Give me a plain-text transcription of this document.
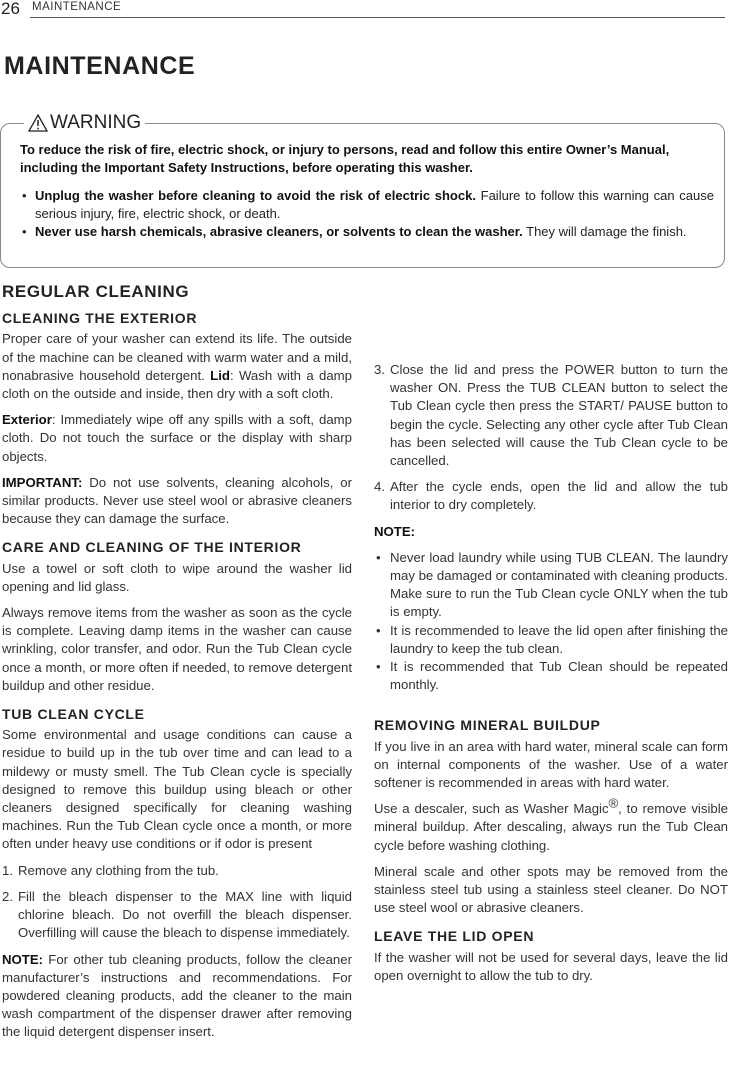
26 MAINTENANCE
MAINTENANCE
WARNING

To reduce the risk of fire, electric shock, or injury to persons, read and follow this entire Owner’s Manual, including the Important Safety Instructions, before operating this washer.

• Unplug the washer before cleaning to avoid the risk of electric shock. Failure to follow this warning can cause serious injury, fire, electric shock, or death.
• Never use harsh chemicals, abrasive cleaners, or solvents to clean the washer. They will damage the finish.
REGULAR CLEANING
CLEANING THE EXTERIOR

Proper care of your washer can extend its life. The outside of the machine can be cleaned with warm water and a mild, nonabrasive household detergent. Lid: Wash with a damp cloth on the outside and inside, then dry with a soft cloth.

Exterior: Immediately wipe off any spills with a soft, damp cloth. Do not touch the surface or the display with sharp objects.

IMPORTANT: Do not use solvents, cleaning alcohols, or similar products. Never use steel wool or abrasive cleaners because they can damage the surface.

CARE AND CLEANING OF THE INTERIOR

Use a towel or soft cloth to wipe around the washer lid opening and lid glass.

Always remove items from the washer as soon as the cycle is complete. Leaving damp items in the washer can cause wrinkling, color transfer, and odor. Run the Tub Clean cycle once a month, or more often if needed, to remove detergent buildup and other residue.

TUB CLEAN CYCLE

Some environmental and usage conditions can cause a residue to build up in the tub over time and can lead to a mildewy or musty smell. The Tub Clean cycle is specially designed to remove this buildup using bleach or other cleaners designed specifically for cleaning washing machines. Run the Tub Clean cycle once a month, or more often under heavy use conditions or if odor is present

1. Remove any clothing from the tub.
2. Fill the bleach dispenser to the MAX line with liquid chlorine bleach. Do not overfill the bleach dispenser. Overfilling will cause the bleach to dispense immediately.

NOTE: For other tub cleaning products, follow the cleaner manufacturer’s instructions and recommendations. For powdered cleaning products, add the cleaner to the main wash compartment of the dispenser drawer after removing the liquid detergent dispenser insert.

3. Close the lid and press the POWER button to turn the washer ON. Press the TUB CLEAN button to select the Tub Clean cycle then press the START/ PAUSE button to begin the cycle. Selecting any other cycle after Tub Clean has been selected will cause the Tub Clean cycle to be cancelled.
4. After the cycle ends, open the lid and allow the tub interior to dry completely.

NOTE:

• Never load laundry while using TUB CLEAN. The laundry may be damaged or contaminated with cleaning products. Make sure to run the Tub Clean cycle ONLY when the tub is empty.
• It is recommended to leave the lid open after finishing the laundry to keep the tub clean.
• It is recommended that Tub Clean should be repeated monthly.
REMOVING MINERAL BUILDUP

If you live in an area with hard water, mineral scale can form on internal components of the washer. Use of a water softener is recommended in areas with hard water.

Use a descaler, such as Washer Magic®, to remove visible mineral buildup. After descaling, always run the Tub Clean cycle before washing clothing.

Mineral scale and other spots may be removed from the stainless steel tub using a stainless steel cleaner. Do NOT use steel wool or abrasive cleaners.

LEAVE THE LID OPEN

If the washer will not be used for several days, leave the lid open overnight to allow the tub to dry.
